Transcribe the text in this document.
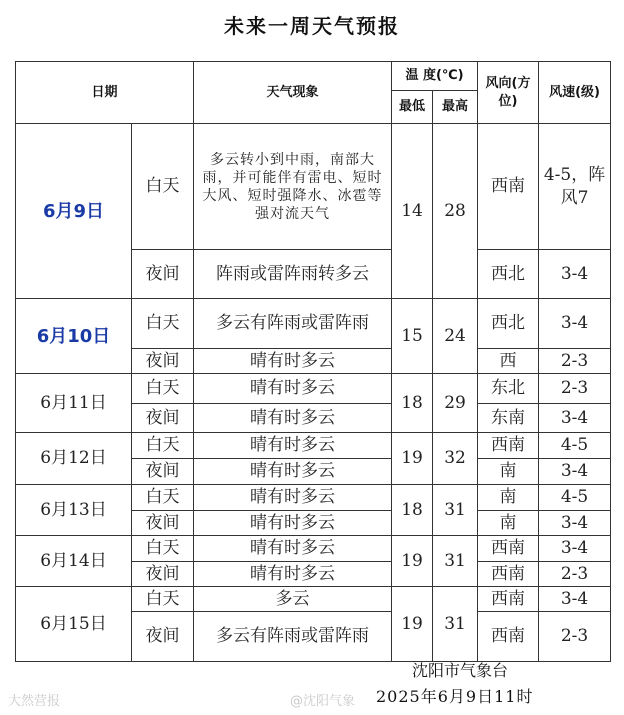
未来一周天气预报
日期		天气现象	温 度(℃)		风向(方位)	风速(级)
			最低	最高		
6月9日	白天	多云转小到中雨，南部大雨，并可能伴有雷电、短时大风、短时强降水、冰雹等强对流天气	14	28	西南	4-5，阵风7
	夜间	阵雨或雷阵雨转多云			西北	3-4
6月10日	白天	多云有阵雨或雷阵雨	15	24	西北	3-4
	夜间	晴有时多云			西	2-3
6月11日	白天	晴有时多云	18	29	东北	2-3
	夜间	晴有时多云			东南	3-4
6月12日	白天	晴有时多云	19	32	西南	4-5
	夜间	晴有时多云			南	3-4
6月13日	白天	晴有时多云	18	31	南	4-5
	夜间	晴有时多云			南	3-4
6月14日	白天	晴有时多云	19	31	西南	3-4
	夜间	晴有时多云			西南	2-3
6月15日	白天	多云	19	31	西南	3-4
	夜间	多云有阵雨或雷阵雨			西南	2-3
沈阳市气象台
2025年6月9日11时
大然营报	@沈阳气象
